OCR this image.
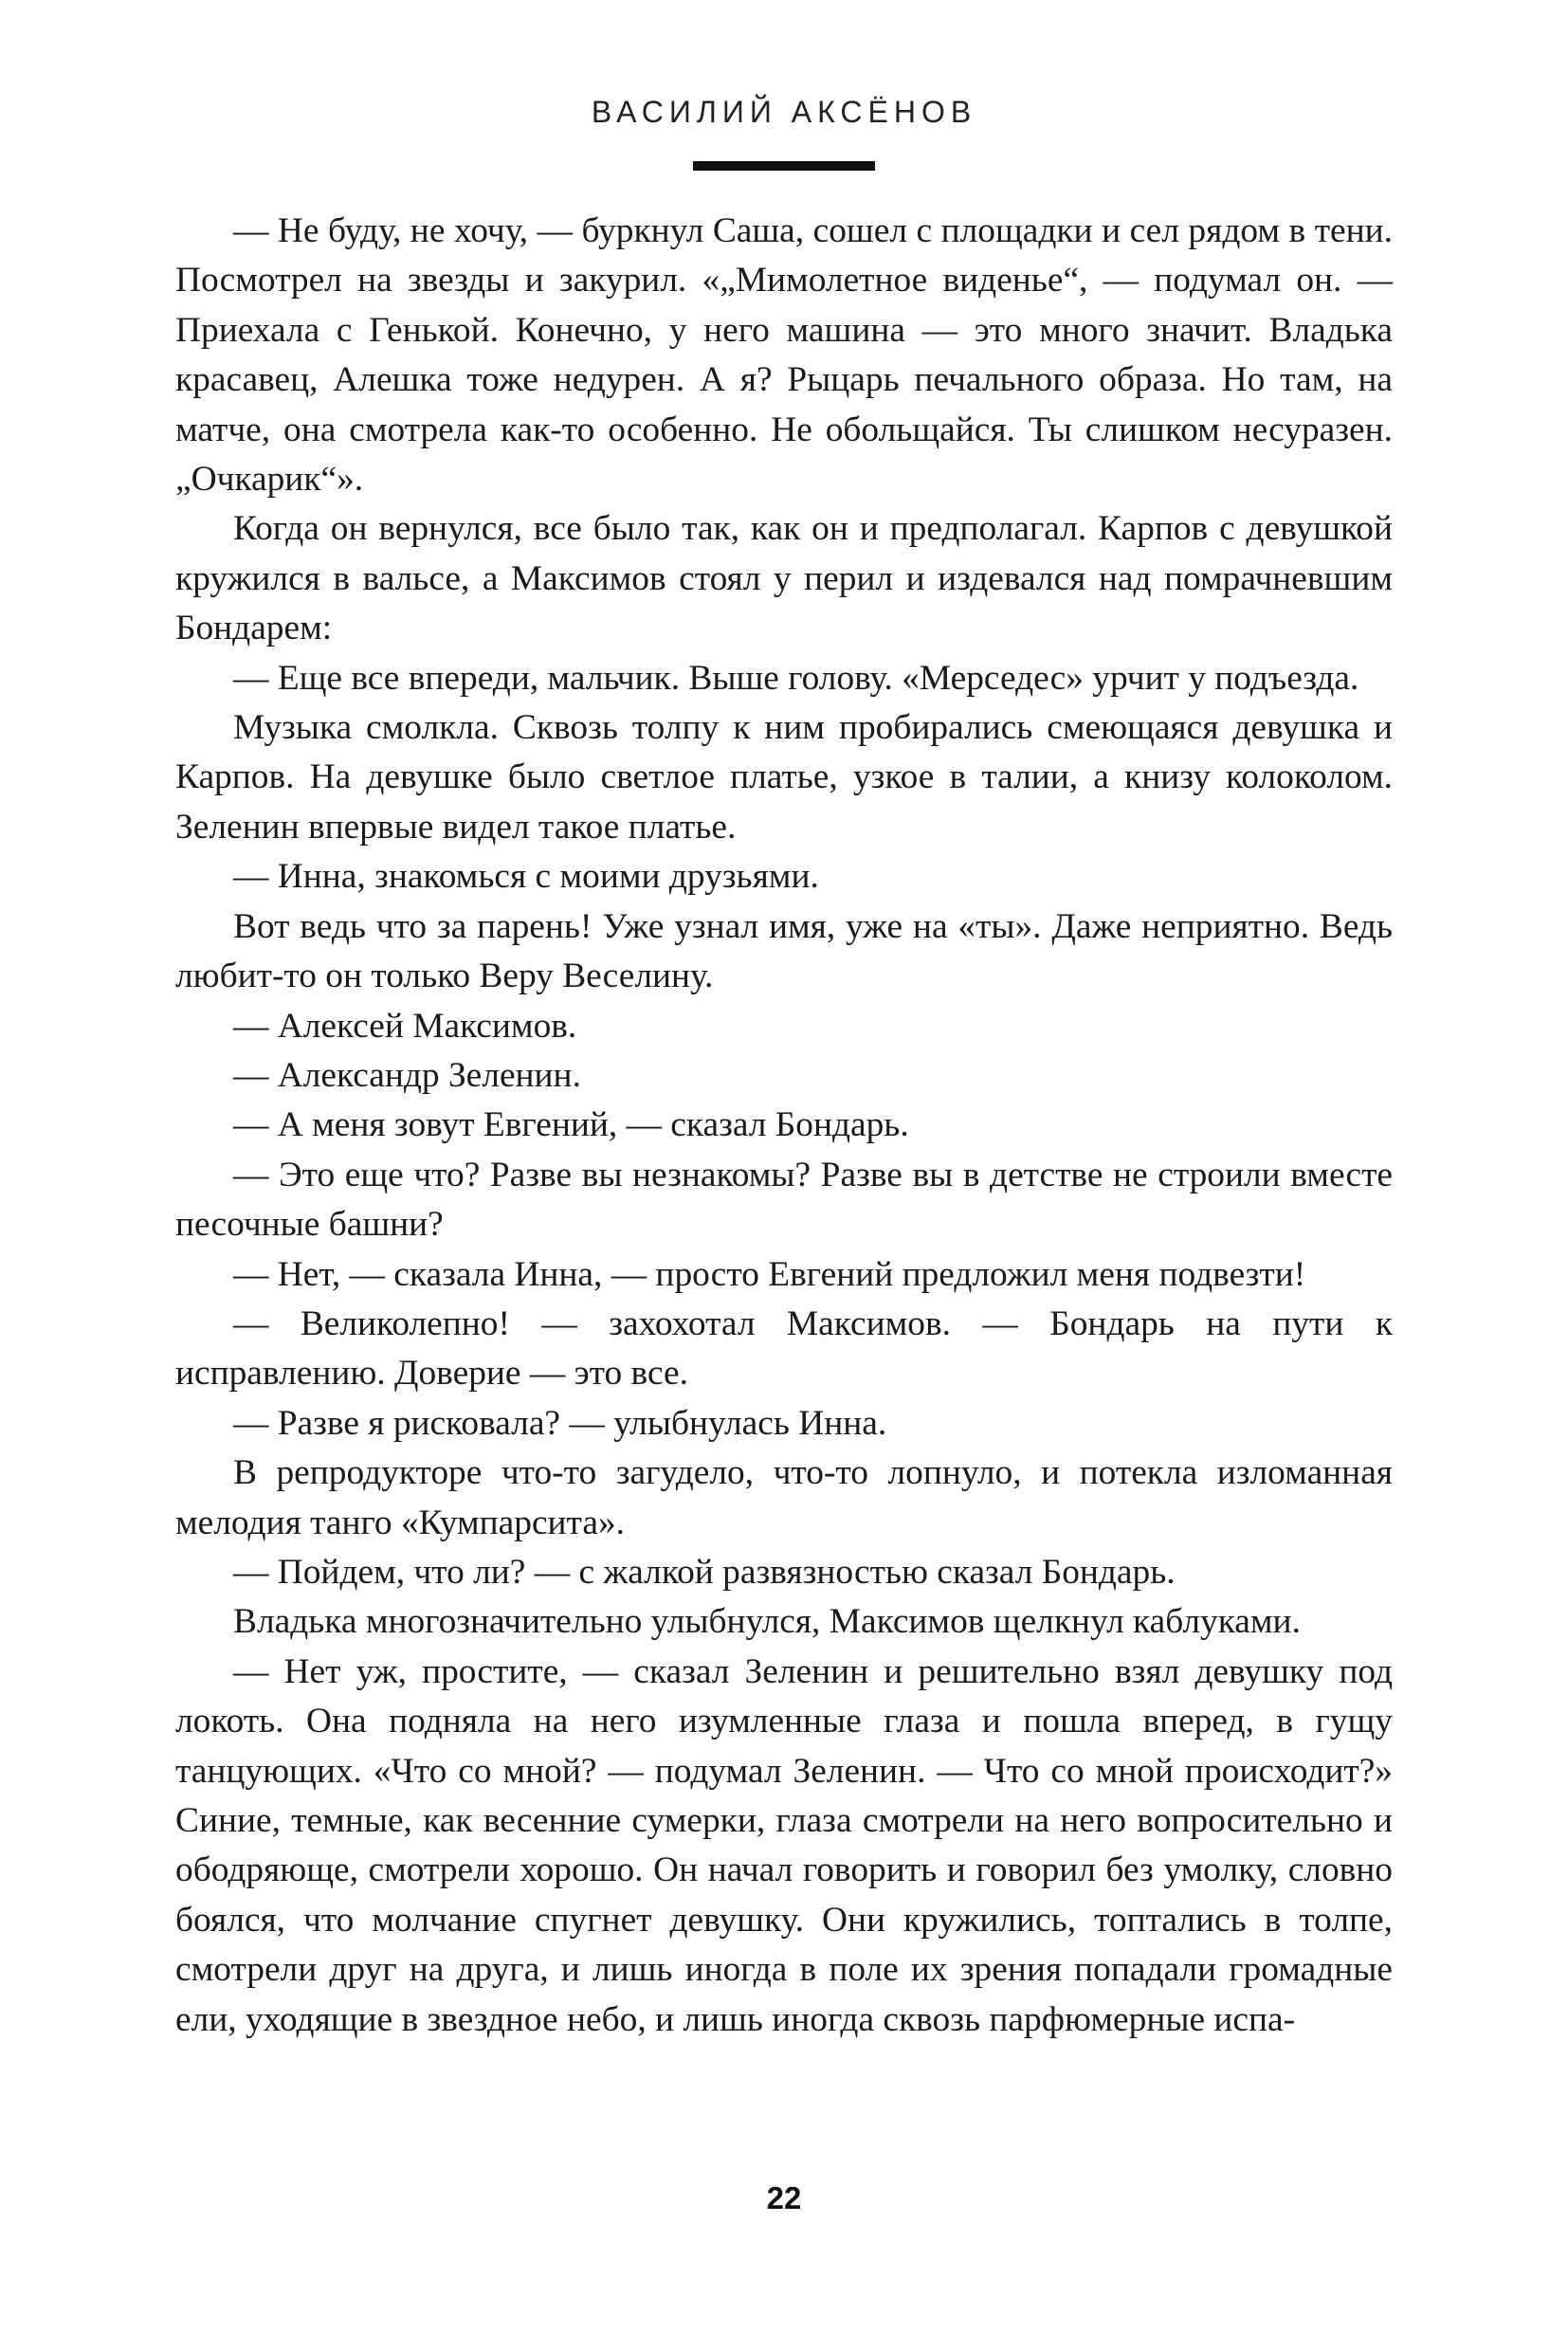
ВАСИЛИЙ АКСЁНОВ

— Не буду, не хочу, — буркнул Саша, сошел с площадки и сел рядом в тени. Посмотрел на звезды и закурил. «„Мимолетное виденье“, — подумал он. — Приехала с Генькой. Конечно, у него машина — это много значит. Владька красавец, Алешка тоже недурен. А я? Рыцарь печального образа. Но там, на матче, она смотрела как-то особенно. Не обольщайся. Ты слишком несуразен. „Очкарик“».

Когда он вернулся, все было так, как он и предполагал. Карпов с девушкой кружился в вальсе, а Максимов стоял у перил и издевался над помрачневшим Бондарем:

— Еще все впереди, мальчик. Выше голову. «Мерседес» урчит у подъезда.

Музыка смолкла. Сквозь толпу к ним пробирались смеющаяся девушка и Карпов. На девушке было светлое платье, узкое в талии, а книзу колоколом. Зеленин впервые видел такое платье.

— Инна, знакомься с моими друзьями.

Вот ведь что за парень! Уже узнал имя, уже на «ты». Даже неприятно. Ведь любит-то он только Веру Веселину.

— Алексей Максимов.

— Александр Зеленин.

— А меня зовут Евгений, — сказал Бондарь.

— Это еще что? Разве вы незнакомы? Разве вы в детстве не строили вместе песочные башни?

— Нет, — сказала Инна, — просто Евгений предложил меня подвезти!

— Великолепно! — захохотал Максимов. — Бондарь на пути к исправлению. Доверие — это все.

— Разве я рисковала? — улыбнулась Инна.

В репродукторе что-то загудело, что-то лопнуло, и потекла изломанная мелодия танго «Кумпарсита».

— Пойдем, что ли? — с жалкой развязностью сказал Бондарь.

Владька многозначительно улыбнулся, Максимов щелкнул каблуками.

— Нет уж, простите, — сказал Зеленин и решительно взял девушку под локоть. Она подняла на него изумленные глаза и пошла вперед, в гущу танцующих. «Что со мной? — подумал Зеленин. — Что со мной происходит?» Синие, темные, как весенние сумерки, глаза смотрели на него вопросительно и ободряюще, смотрели хорошо. Он начал говорить и говорил без умолку, словно боялся, что молчание спугнет девушку. Они кружились, топтались в толпе, смотрели друг на друга, и лишь иногда в поле их зрения попадали громадные ели, уходящие в звездное небо, и лишь иногда сквозь парфюмерные испа-

22
